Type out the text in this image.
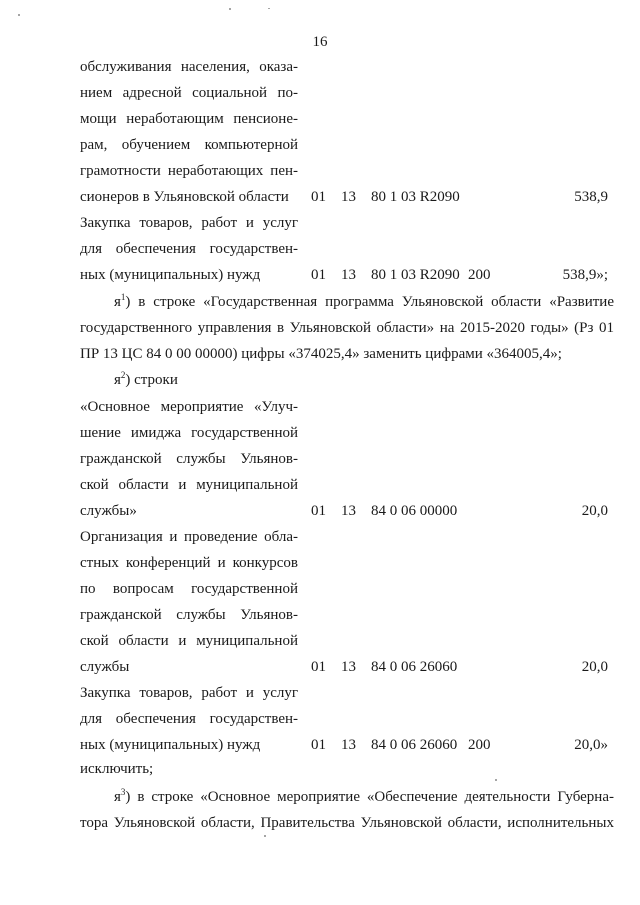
16
обслуживания населения, оказа-
нием адресной социальной по-
мощи неработающим пенсионе-
рам, обучением компьютерной
грамотности неработающих пен-
сионеров в Ульяновской области	01 13 80 1 03 R2090	538,9
Закупка товаров, работ и услуг
для обеспечения государствен-
ных (муниципальных) нужд	01 13 80 1 03 R2090 200	538,9»;
$я^1$) в строке «Государственная программа Ульяновской области «Развитие
государственного управления в Ульяновской области» на 2015-2020 годы» (Рз 01
ПР 13 ЦС 84 0 00 00000) цифры «374025,4» заменить цифрами «364005,4»;
$я^2$) строки
«Основное мероприятие «Улуч-
шение имиджа государственной
гражданской службы Ульянов-
ской области и муниципальной
службы»	01 13 84 0 06 00000	20,0
Организация и проведение обла-
стных конференций и конкурсов
по вопросам государственной
гражданской службы Ульянов-
ской области и муниципальной
службы	01 13 84 0 06 26060	20,0
Закупка товаров, работ и услуг
для обеспечения государствен-
ных (муниципальных) нужд	01 13 84 0 06 26060 200	20,0»
исключить;
$я^3$) в строке «Основное мероприятие «Обеспечение деятельности Губерна-
тора Ульяновской области, Правительства Ульяновской области, исполнительных
